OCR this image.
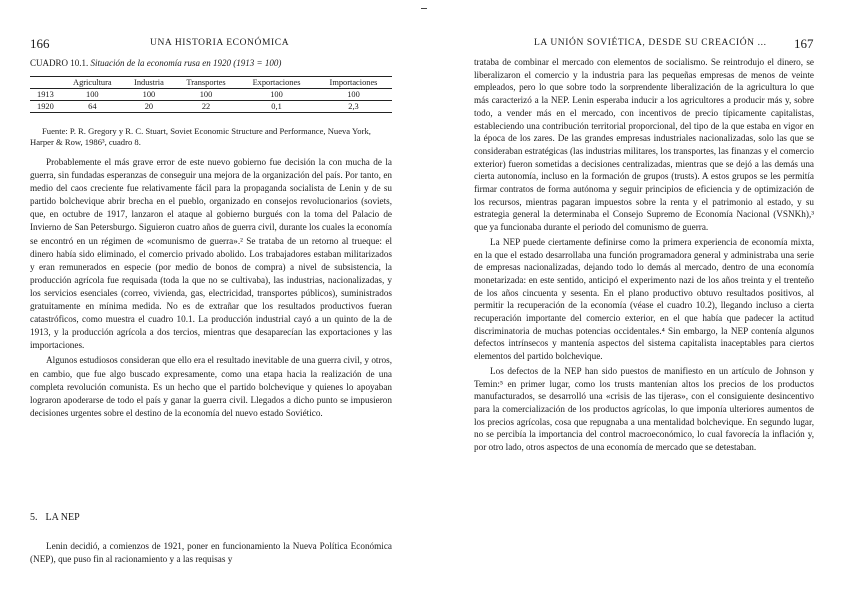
166	UNA HISTORIA ECONÓMICA
CUADRO 10.1. Situación de la economía rusa en 1920 (1913 = 100)
	Agricultura	Industria	Transportes	Exportaciones	Importaciones
1913	100	100	100	100	100
1920	64	20	22	0,1	2,3
Fuente: P. R. Gregory y R. C. Stuart, Soviet Economic Structure and Performance, Nueva York, Harper & Row, 1986³, cuadro 8.

Probablemente el más grave error de este nuevo gobierno fue decisión la con mucha de la guerra, sin fundadas esperanzas de conseguir una mejora de la organización del país. Por tanto, en medio del caos creciente fue relativamente fácil para la propaganda socialista de Lenin y de su partido bolchevique abrir brecha en el pueblo, organizado en consejos revolucionarios (soviets, que, en octubre de 1917, lanzaron el ataque al gobierno burgués con la toma del Palacio de Invierno de San Petersburgo. Siguieron cuatro años de guerra civil, durante los cuales la economía se encontró en un régimen de «comunismo de guerra».² Se trataba de un retorno al trueque: el dinero había sido eliminado, el comercio privado abolido. Los trabajadores estaban militarizados y eran remunerados en especie (por medio de bonos de compra) a nivel de subsistencia, la producción agrícola fue requisada (toda la que no se cultivaba), las industrias, nacionalizadas, y los servicios esenciales (correo, vivienda, gas, electricidad, transportes públicos), suministrados gratuitamente en mínima medida. No es de extrañar que los resultados productivos fueran catastróficos, como muestra el cuadro 10.1. La producción industrial cayó a un quinto de la de 1913, y la producción agrícola a dos tercios, mientras que desaparecían las exportaciones y las importaciones.

Algunos estudiosos consideran que ello era el resultado inevitable de una guerra civil, y otros, en cambio, que fue algo buscado expresamente, como una etapa hacia la realización de una completa revolución comunista. Es un hecho que el partido bolchevique y quienes lo apoyaban lograron apoderarse de todo el país y ganar la guerra civil. Llegados a dicho punto se impusieron decisiones urgentes sobre el destino de la economía del nuevo estado Soviético.

5. LA NEP

Lenin decidió, a comienzos de 1921, poner en funcionamiento la Nueva Política Económica (NEP), que puso fin al racionamiento y a las requisas y

LA UNIÓN SOVIÉTICA, DESDE SU CREACIÓN ... 167

trataba de combinar el mercado con elementos de socialismo. Se reintrodujo el dinero, se liberalizaron el comercio y la industria para las pequeñas empresas de menos de veinte empleados, pero lo que sobre todo la sorprendente liberalización de la agricultura lo que más caracterizó a la NEP. Lenin esperaba inducir a los agricultores a producir más y, sobre todo, a vender más en el mercado, con incentivos de precio típicamente capitalistas, estableciendo una contribución territorial proporcional, del tipo de la que estaba en vigor en la época de los zares. De las grandes empresas industriales nacionalizadas, solo las que se consideraban estratégicas (las industrias militares, los transportes, las finanzas y el comercio exterior) fueron sometidas a decisiones centralizadas, mientras que se dejó a las demás una cierta autonomía, incluso en la formación de grupos (trusts). A estos grupos se les permitía firmar contratos de forma autónoma y seguir principios de eficiencia y de optimización de los recursos, mientras pagaran impuestos sobre la renta y el patrimonio al estado, y su estrategia general la determinaba el Consejo Supremo de Economía Nacional (VSNKh),³ que ya funcionaba durante el periodo del comunismo de guerra.

La NEP puede ciertamente definirse como la primera experiencia de economía mixta, en la que el estado desarrollaba una función programadora general y administraba una serie de empresas nacionalizadas, dejando todo lo demás al mercado, dentro de una economía monetarizada: en este sentido, anticipó el experimento nazi de los años treinta y el trenteño de los años cincuenta y sesenta. En el plano productivo obtuvo resultados positivos, al permitir la recuperación de la economía (véase el cuadro 10.2), llegando incluso a cierta recuperación importante del comercio exterior, en el que había que padecer la actitud discriminatoria de muchas potencias occidentales.⁴ Sin embargo, la NEP contenía algunos defectos intrínsecos y mantenía aspectos del sistema capitalista inaceptables para ciertos elementos del partido bolchevique.

Los defectos de la NEP han sido puestos de manifiesto en un artículo de Johnson y Temin:⁵ en primer lugar, como los trusts mantenían altos los precios de los productos manufacturados, se desarrolló una «crisis de las tijeras», con el consiguiente desincentivo para la comercialización de los productos agrícolas, lo que imponía ulteriores aumentos de los precios agrícolas, cosa que repugnaba a una mentalidad bolchevique. En segundo lugar, no se percibía la importancia del control macroeconómico, lo cual favorecía la inflación y, por otro lado, otros aspectos de una economía de mercado que se detestaban.
